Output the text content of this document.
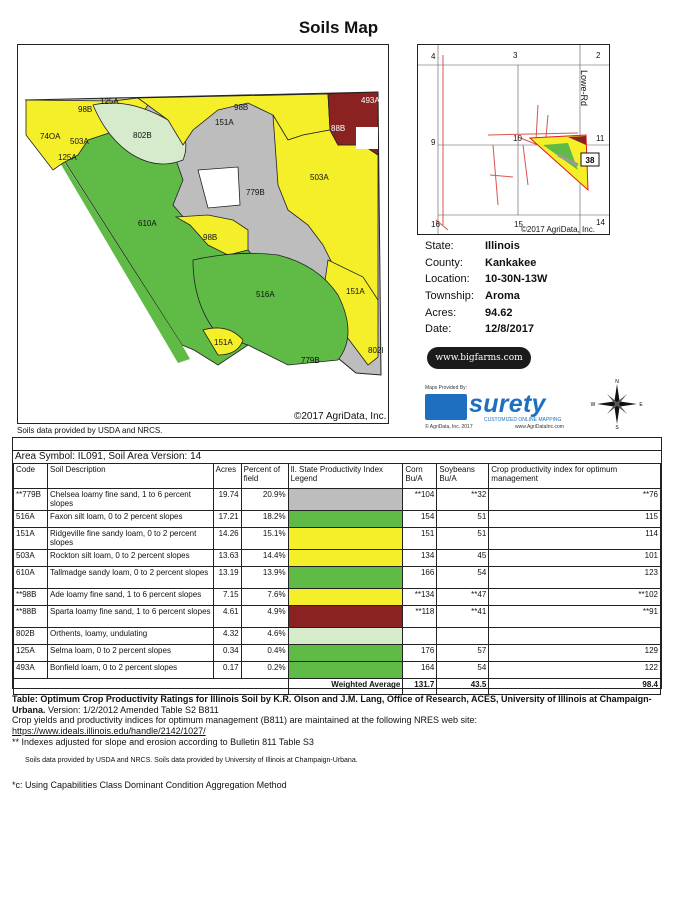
Soils Map
125A
98B
74OA
503A
125A
802B
98B
151A
88B
493A
779B
503A
610A
98B
516A	151A
151A
779B
802I
©2017 AgriData, Inc.
Soils data provided by USDA and NRCS.
4	3	2
9	10	11
16	15	14
Lowe-Rd
©2017 AgriData, Inc.
38
State:	Illinois
County:	Kankakee
Location:	10-30N-13W
Township:	Aroma
Acres:	94.62
Date:	12/8/2017
www.bigfarms.com
Maps Provided By:
surety
CUSTOMIZED ONLINE MAPPING
© AgriData, Inc. 2017	www.AgriDataInc.com
N
S
E
W
Area Symbol: IL091, Soil Area Version: 14
Code	Soil Description	Acres	Percent of field	Il. State Productivity Index Legend	Corn Bu/A	Soybeans Bu/A	Crop productivity index for optimum management
**779B	Chelsea loamy fine sand, 1 to 6 percent slopes	19.74	20.9%		**104	**32	**76
516A	Faxon silt loam, 0 to 2 percent slopes	17.21	18.2%		154	51	115
151A	Ridgeville fine sandy loam, 0 to 2 percent slopes	14.26	15.1%		151	51	114
503A	Rockton silt loam, 0 to 2 percent slopes	13.63	14.4%		134	45	101
610A	Tallmadge sandy loam, 0 to 2 percent slopes	13.19	13.9%		166	54	123
**98B	Ade loamy fine sand, 1 to 6 percent slopes	7.15	7.6%		**134	**47	**102
**88B	Sparta loamy fine sand, 1 to 6 percent slopes	4.61	4.9%		**118	**41	**91
802B	Orthents, loamy, undulating	4.32	4.6%	

125A	Selma loam, 0 to 2 percent slopes	0.34	0.4%		176	57	129
493A	Bonfield loam, 0 to 2 percent slopes	0.17	0.2%		164	54	122
				Weighted Average	131.7	43.5	98.4
Table: Optimum Crop Productivity Ratings for Illinois Soil by K.R. Olson and J.M. Lang, Office of Research, ACES, University of Illinois at Champaign-Urbana. Version: 1/2/2012 Amended Table S2 B811
Crop yields and productivity indices for optimum management (B811) are maintained at the following NRES web site:
https://www.ideals.illinois.edu/handle/2142/1027/
** Indexes adjusted for slope and erosion according to Bulletin 811 Table S3
Soils data provided by USDA and NRCS. Soils data provided by University of Illinois at Champaign-Urbana.
*c: Using Capabilities Class Dominant Condition Aggregation Method
